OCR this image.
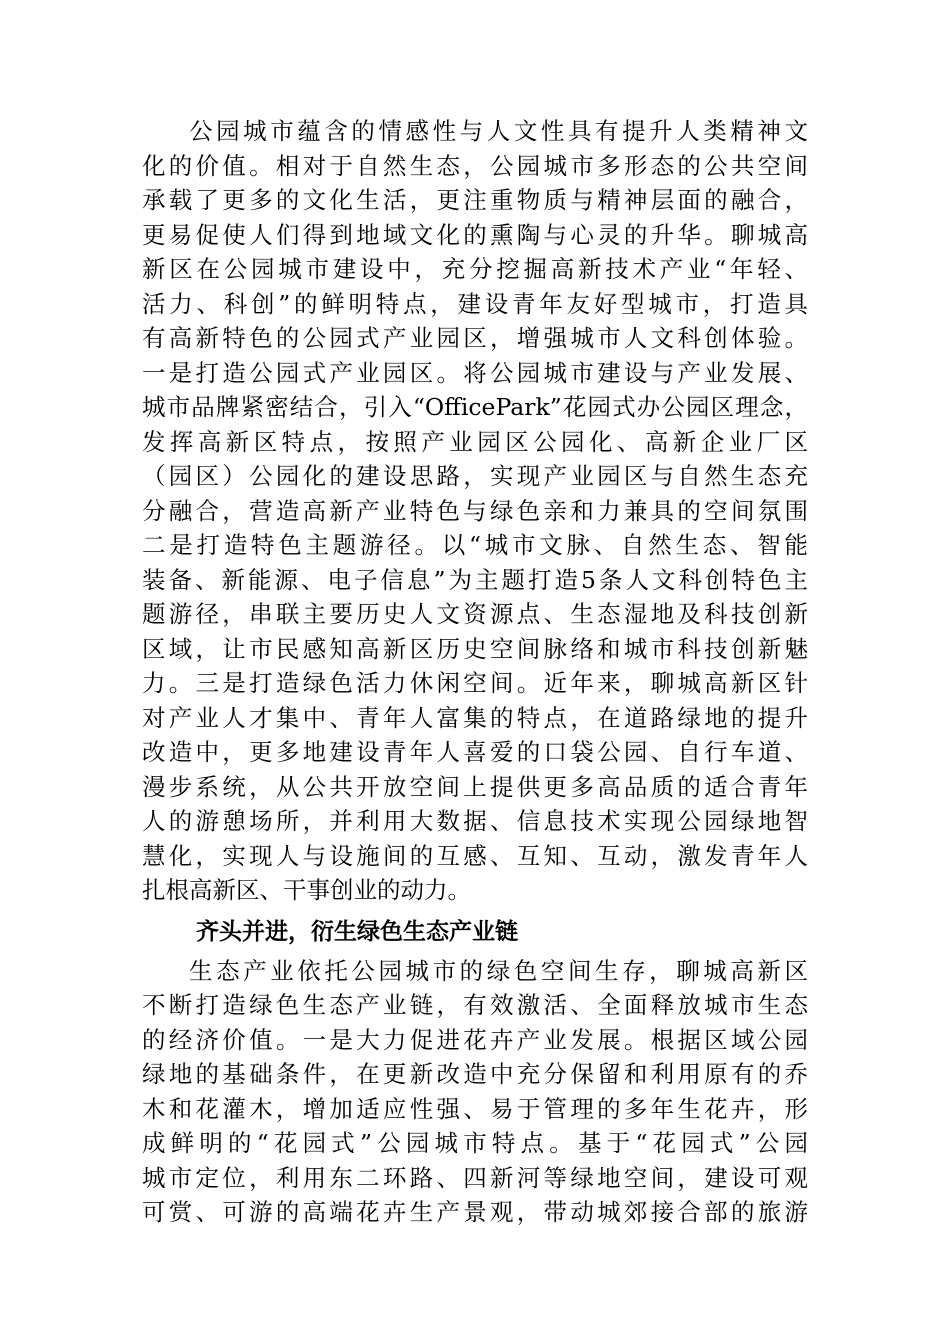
公园城市蕴含的情感性与人文性具有提升人类精神文
化的价值。相对于自然生态，公园城市多形态的公共空间
承载了更多的文化生活，更注重物质与精神层面的融合，
更易促使人们得到地域文化的熏陶与心灵的升华。聊城高
新区在公园城市建设中，充分挖掘高新技术产业“年轻、
活力、科创”的鲜明特点，建设青年友好型城市，打造具
有高新特色的公园式产业园区，增强城市人文科创体验。
一是打造公园式产业园区。将公园城市建设与产业发展、
城市品牌紧密结合，引入“OfficePark”花园式办公园区理念，
发挥高新区特点，按照产业园区公园化、高新企业厂区
（园区）公园化的建设思路，实现产业园区与自然生态充
分融合，营造高新产业特色与绿色亲和力兼具的空间氛围
二是打造特色主题游径。以“城市文脉、自然生态、智能
装备、新能源、电子信息”为主题打造5条人文科创特色主
题游径，串联主要历史人文资源点、生态湿地及科技创新
区域，让市民感知高新区历史空间脉络和城市科技创新魅
力。三是打造绿色活力休闲空间。近年来，聊城高新区针
对产业人才集中、青年人富集的特点，在道路绿地的提升
改造中，更多地建设青年人喜爱的口袋公园、自行车道、
漫步系统，从公共开放空间上提供更多高品质的适合青年
人的游憩场所，并利用大数据、信息技术实现公园绿地智
慧化，实现人与设施间的互感、互知、互动，激发青年人
扎根高新区、干事创业的动力。
齐头并进，衍生绿色生态产业链
生态产业依托公园城市的绿色空间生存，聊城高新区
不断打造绿色生态产业链，有效激活、全面释放城市生态
的经济价值。一是大力促进花卉产业发展。根据区域公园
绿地的基础条件，在更新改造中充分保留和利用原有的乔
木和花灌木，增加适应性强、易于管理的多年生花卉，形
成鲜明的“花园式”公园城市特点。基于“花园式”公园
城市定位，利用东二环路、四新河等绿地空间，建设可观
可赏、可游的高端花卉生产景观，带动城郊接合部的旅游
